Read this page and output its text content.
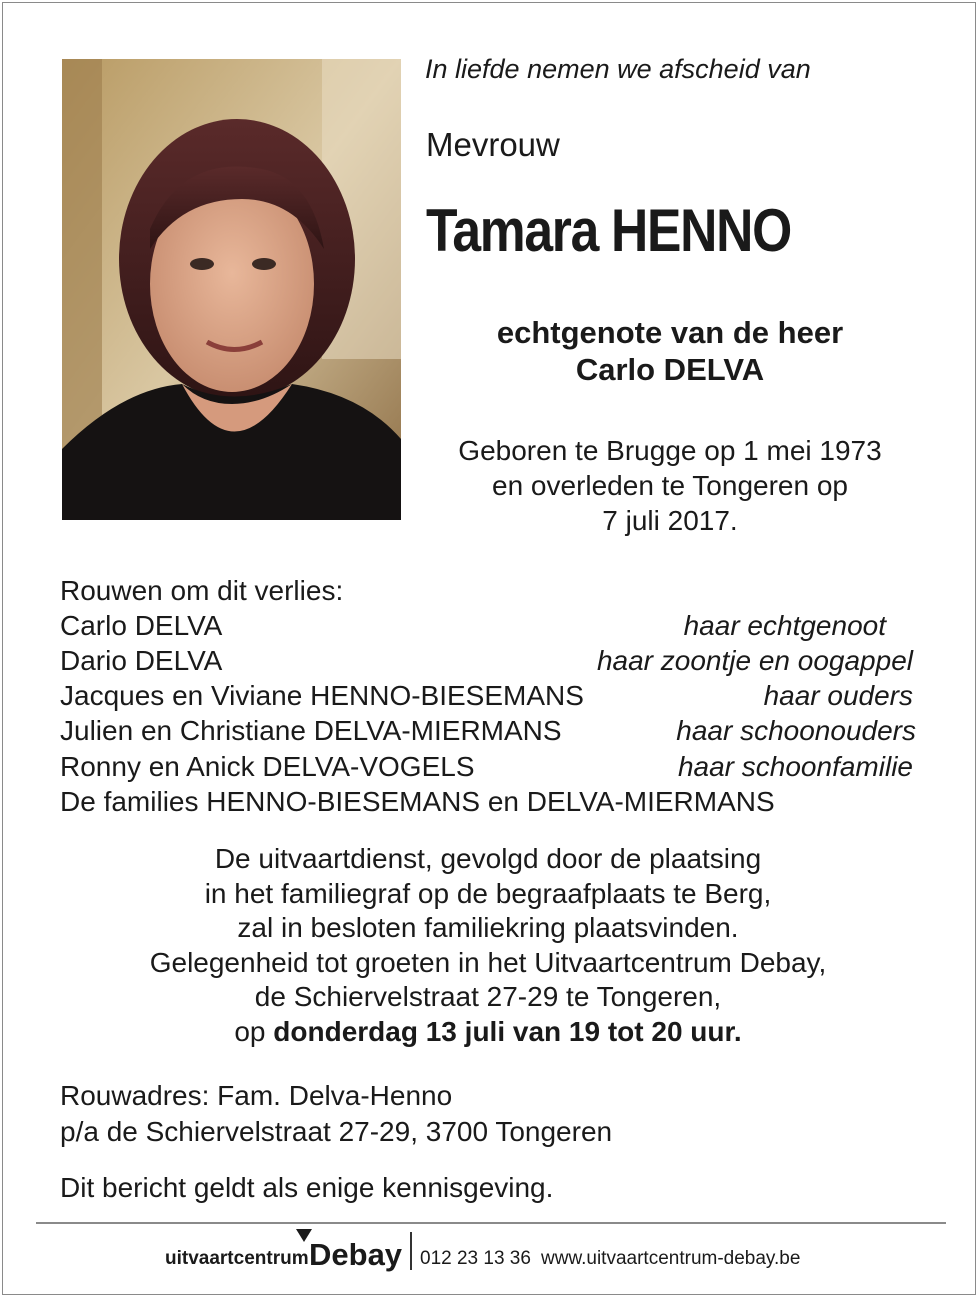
In liefde nemen we afscheid van
Mevrouw
Tamara HENNO
echtgenote van de heer
Carlo DELVA
Geboren te Brugge op 1 mei 1973
en overleden te Tongeren op
7 juli 2017.
Rouwen om dit verlies:
Carlo DELVA	haar echtgenoot
Dario DELVA	haar zoontje en oogappel
Jacques en Viviane HENNO-BIESEMANS	haar ouders
Julien en Christiane DELVA-MIERMANS	haar schoonouders
Ronny en Anick DELVA-VOGELS	haar schoonfamilie
De families HENNO-BIESEMANS en DELVA-MIERMANS
De uitvaartdienst, gevolgd door de plaatsing
in het familiegraf op de begraafplaats te Berg,
zal in besloten familiekring plaatsvinden.
Gelegenheid tot groeten in het Uitvaartcentrum Debay,
de Schiervelstraat 27-29 te Tongeren,
op donderdag 13 juli van 19 tot 20 uur.
Rouwadres: Fam. Delva-Henno
p/a de Schiervelstraat 27-29, 3700 Tongeren
Dit bericht geldt als enige kennisgeving.
uitvaartcentrum Debay 012 23 13 36 www.uitvaartcentrum-debay.be
